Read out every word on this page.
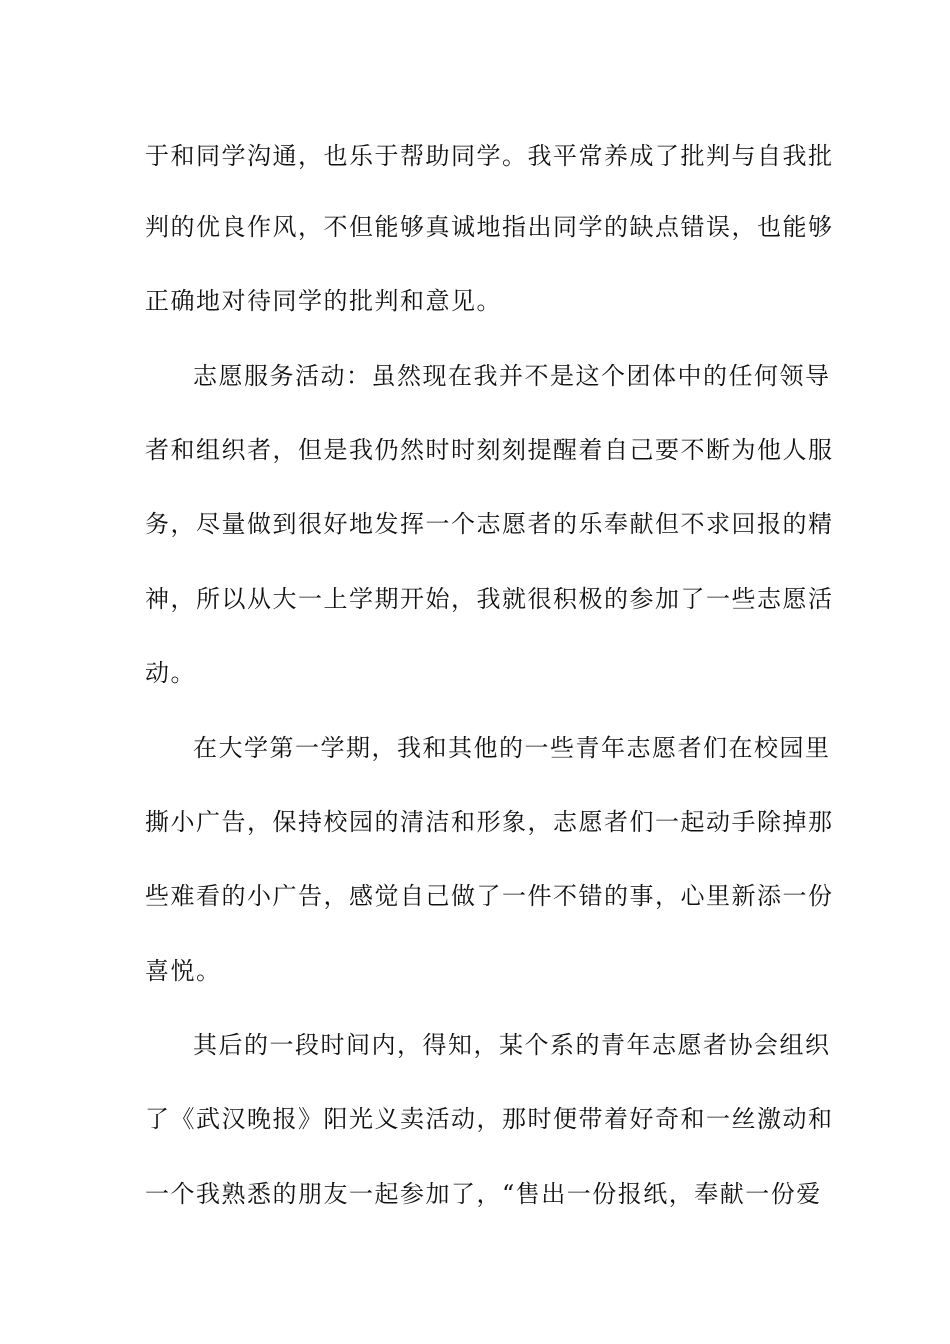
于和同学沟通，也乐于帮助同学。我平常养成了批判与自我批
判的优良作风，不但能够真诚地指出同学的缺点错误，也能够
正确地对待同学的批判和意见。
志愿服务活动：虽然现在我并不是这个团体中的任何领导
者和组织者，但是我仍然时时刻刻提醒着自己要不断为他人服
务，尽量做到很好地发挥一个志愿者的乐奉献但不求回报的精
神，所以从大一上学期开始，我就很积极的参加了一些志愿活
动。
在大学第一学期，我和其他的一些青年志愿者们在校园里
撕小广告，保持校园的清洁和形象，志愿者们一起动手除掉那
些难看的小广告，感觉自己做了一件不错的事，心里新添一份
喜悦。
其后的一段时间内，得知，某个系的青年志愿者协会组织
了《武汉晚报》阳光义卖活动，那时便带着好奇和一丝激动和
一个我熟悉的朋友一起参加了，“售出一份报纸，奉献一份爱
